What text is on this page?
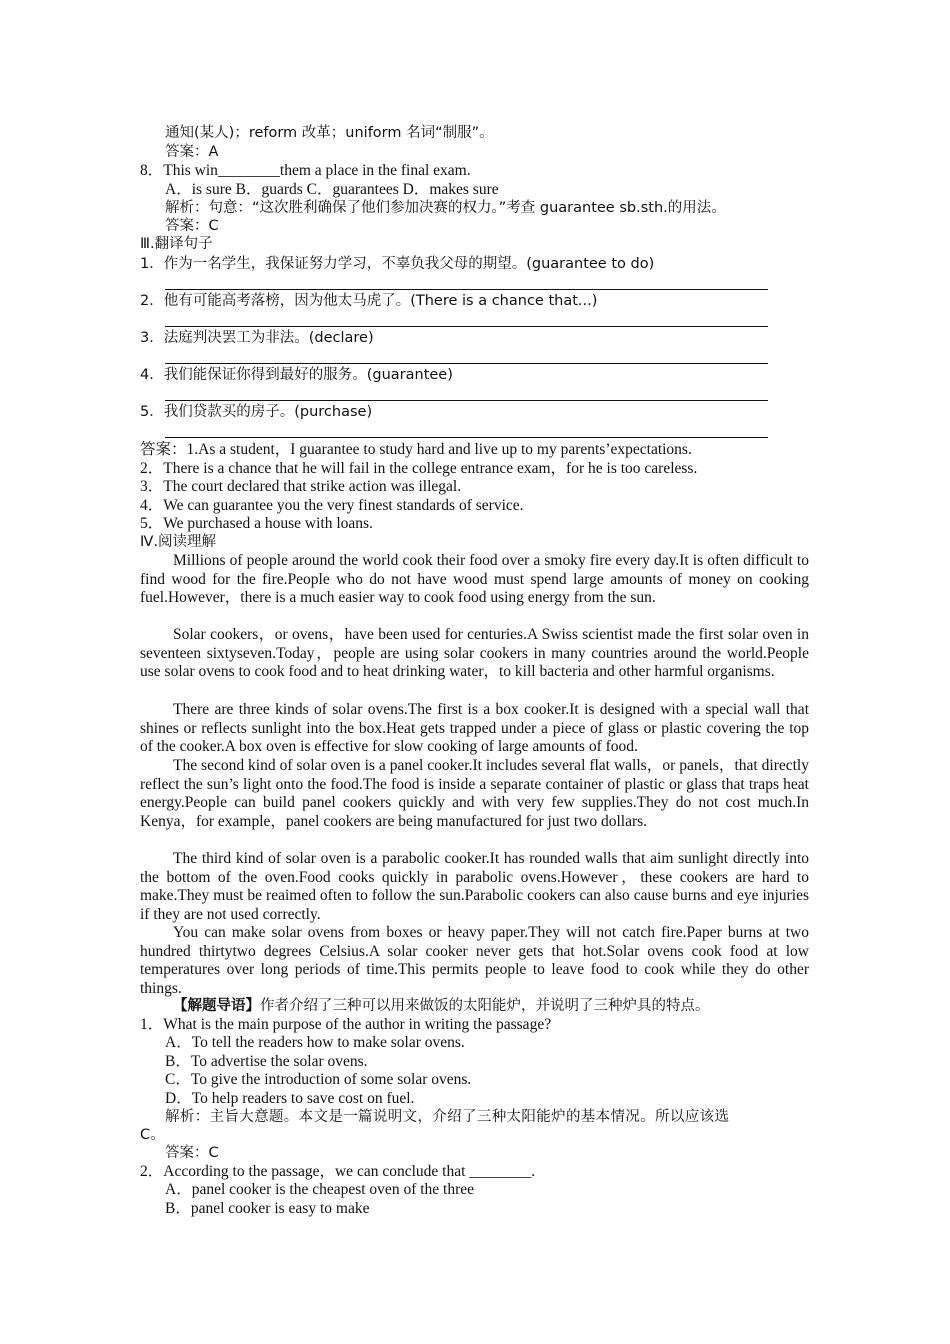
通知(某人)；reform 改革；uniform 名词“制服”。
答案：A
8．This win________them a place in the final exam.
A．is sure B．guards C．guarantees D．makes sure
解析：句意：“这次胜利确保了他们参加决赛的权力。”考查 guarantee sb.sth.的用法。
答案：C
Ⅲ.翻译句子
1．作为一名学生，我保证努力学习，不辜负我父母的期望。(guarantee to do)
2．他有可能高考落榜，因为他太马虎了。(There is a chance that...)
3．法庭判决罢工为非法。(declare)
4．我们能保证你得到最好的服务。(guarantee)
5．我们贷款买的房子。(purchase)
答案：1.As a student，I guarantee to study hard and live up to my parents’expectations.
2．There is a chance that he will fail in the college entrance exam，for he is too careless.
3．The court declared that strike action was illegal.
4．We can guarantee you the very finest standards of service.
5．We purchased a house with loans.
Ⅳ.阅读理解

Millions of people around the world cook their food over a smoky fire every day.It is often difficult to find wood for the fire.People who do not have wood must spend large amounts of money on cooking fuel.However，there is a much easier way to cook food using energy from the sun.

Solar cookers，or ovens，have been used for centuries.A Swiss scientist made the first solar oven in seventeen sixtyseven.Today，people are using solar cookers in many countries around the world.People use solar ovens to cook food and to heat drinking water，to kill bacteria and other harmful organisms.

There are three kinds of solar ovens.The first is a box cooker.It is designed with a special wall that shines or reflects sunlight into the box.Heat gets trapped under a piece of glass or plastic covering the top of the cooker.A box oven is effective for slow cooking of large amounts of food.

The second kind of solar oven is a panel cooker.It includes several flat walls，or panels，that directly reflect the sun’s light onto the food.The food is inside a separate container of plastic or glass that traps heat energy.People can build panel cookers quickly and with very few supplies.They do not cost much.In Kenya，for example，panel cookers are being manufactured for just two dollars.

The third kind of solar oven is a parabolic cooker.It has rounded walls that aim sunlight directly into the bottom of the oven.Food cooks quickly in parabolic ovens.However，these cookers are hard to make.They must be reaimed often to follow the sun.Parabolic cookers can also cause burns and eye injuries if they are not used correctly.

You can make solar ovens from boxes or heavy paper.They will not catch fire.Paper burns at two hundred thirtytwo degrees Celsius.A solar cooker never gets that hot.Solar ovens cook food at low temperatures over long periods of time.This permits people to leave food to cook while they do other things.

【解题导语】作者介绍了三种可以用来做饭的太阳能炉，并说明了三种炉具的特点。
1．What is the main purpose of the author in writing the passage?
A．To tell the readers how to make solar ovens.
B．To advertise the solar ovens.
C．To give the introduction of some solar ovens.
D．To help readers to save cost on fuel.
解析：主旨大意题。本文是一篇说明文，介绍了三种太阳能炉的基本情况。所以应该选
C。
答案：C
2．According to the passage，we can conclude that ________.
A．panel cooker is the cheapest oven of the three
B．panel cooker is easy to make
